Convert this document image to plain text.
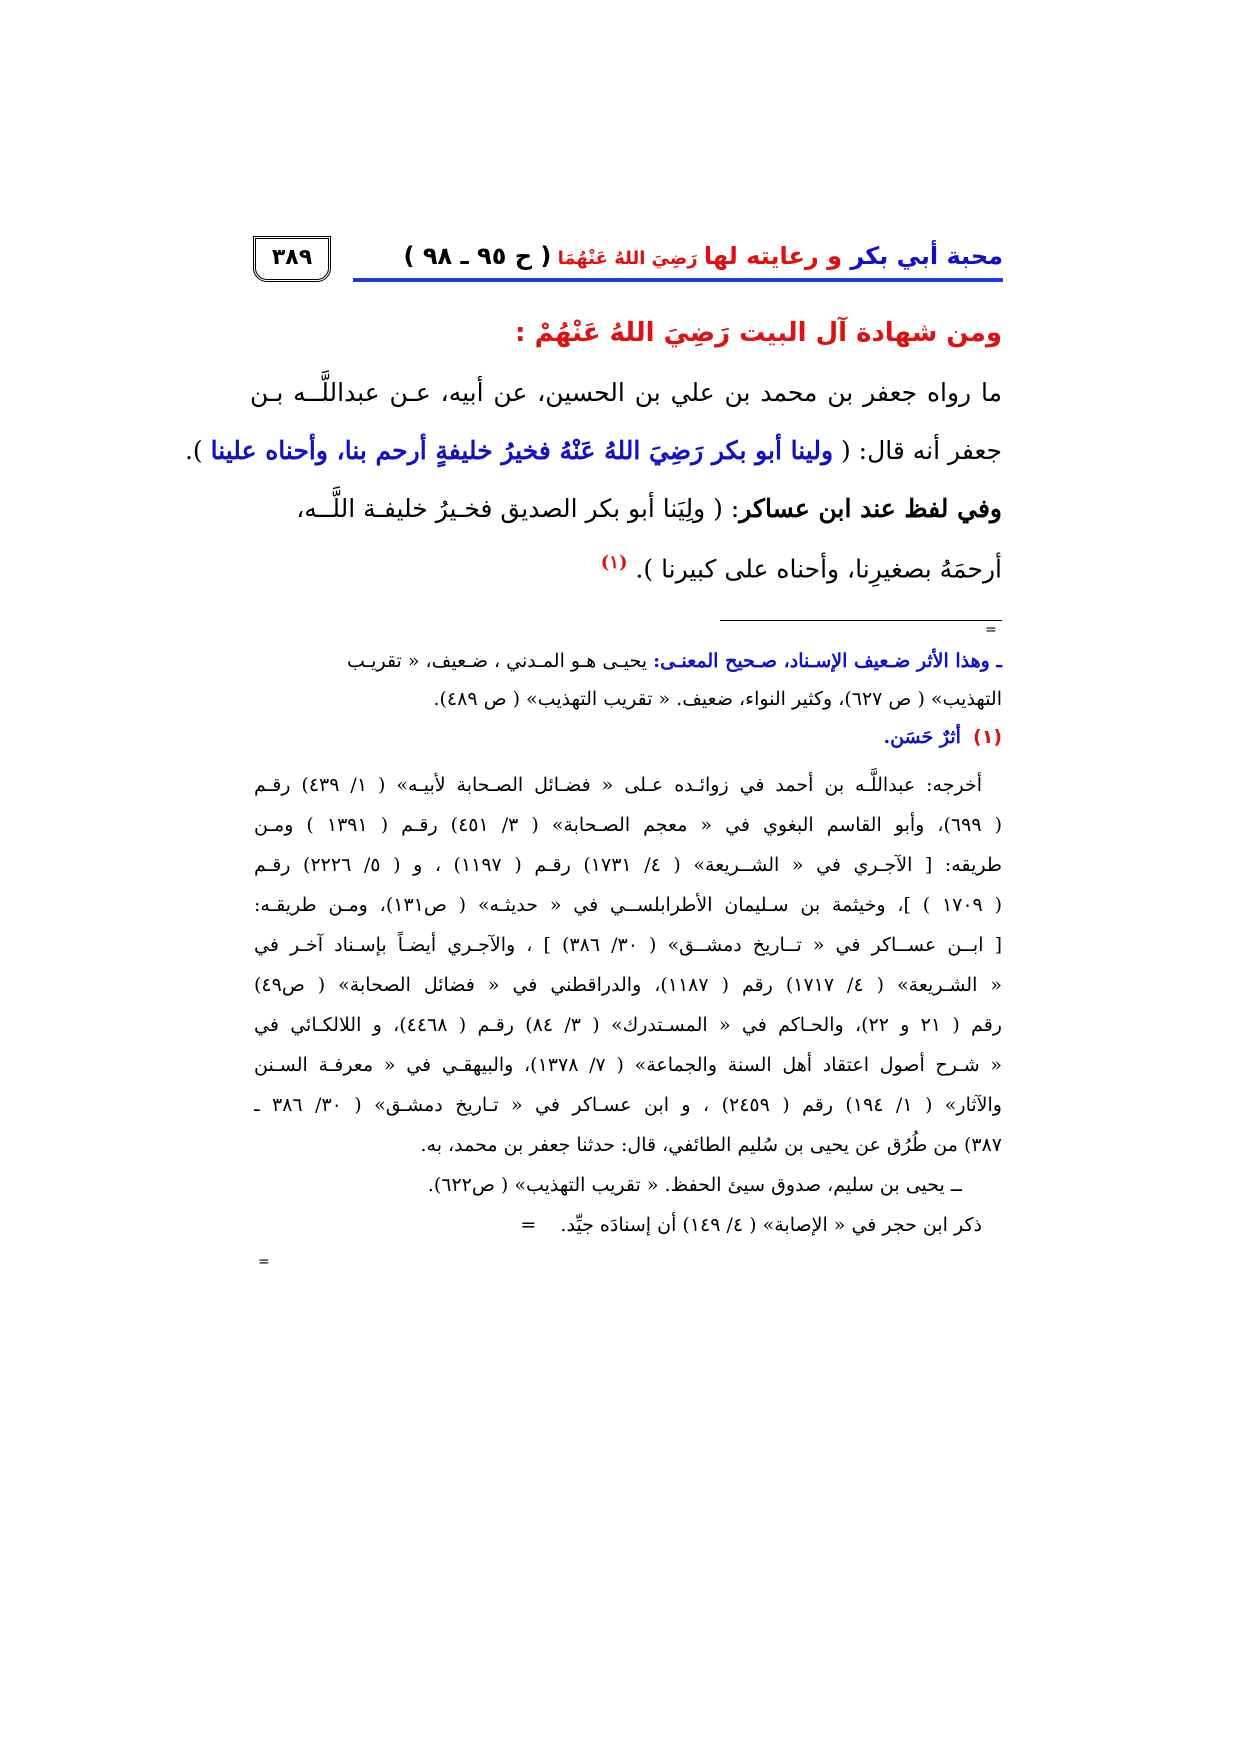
محبة أبي بكر و رعايته لها رَضِيَ اللهُ عَنْهُمَا ( ح ٩٥ ـ ٩٨ )
٣٨٩
ومن شهادة آل البيت رَضِيَ اللهُ عَنْهُمْ :
ما رواه جعفر بن محمد بن علي بن الحسين، عن أبيه، عـن عبداللَّــه بـن
جعفر أنه قال: ( ولينا أبو بكر رَضِيَ اللهُ عَنْهُ فخيرُ خليفةٍ أرحم بنا، وأحناه علينا ).
وفي لفظ عند ابن عساكر: ( ولِيَنا أبو بكر الصديق فخـيرُ خليفـة اللَّــه،
أرحمَهُ بصغيرِنا، وأحناه على كبيرنا ). $^{(١)}$
=
ـ وهذا الأثر ضـعيف الإسـناد، صـحيح المعنـى: يحيـى هـو المـدني ، ضـعيف، « تقريـب
التهذيب» ( ص ٦٢٧)، وكثير النواء، ضعيف. « تقريب التهذيب» ( ص ٤٨٩).
(١)  أثرٌ حَسَن.
أخرجه: عبداللَّـه بن أحمد في زوائـده عـلى « فضـائل الصـحابة لأبيـه» ( ١/ ٤٣٩) رقـم
( ٦٩٩)، وأبو القاسم البغوي في « معجم الصـحابة» ( ٣/ ٤٥١) رقـم ( ١٣٩١ ) ومـن
طريقه: [ الآجـري في « الشــريعة» ( ٤/ ١٧٣١) رقـم ( ١١٩٧) ، و ( ٥/ ٢٢٢٦) رقـم
( ١٧٠٩ ) ]، وخيثمة بن سـليمان الأطرابلســي في « حديثـه» ( ص١٣١)، ومـن طريقـه:
[ ابــن عســاكر في « تــاريخ دمشــق» ( ٣٠/ ٣٨٦) ] ، والآجـري أيضـاً بإسـناد آخـر في
« الشـريعة» ( ٤/ ١٧١٧) رقم ( ١١٨٧)، والدراقطني في « فضائل الصحابة» ( ص٤٩)
رقم ( ٢١ و ٢٢)، والحـاكم في « المسـتدرك» ( ٣/ ٨٤) رقـم ( ٤٤٦٨)، و اللالكـائي في
« شـرح أصول اعتقاد أهل السنة والجماعة» ( ٧/ ١٣٧٨)، والبيهقـي في « معرفـة السـنن
والآثار» ( ١/ ١٩٤) رقم ( ٢٤٥٩) ، و ابن عسـاكر في « تـاريخ دمشـق» ( ٣٠/ ٣٨٦ ـ
٣٨٧) من طُرُق عن يحيى بن سُليم الطائفي، قال: حدثنا جعفر بن محمد، به.
ــ يحيى بن سليم، صدوق سيئ الحفظ. « تقريب التهذيب» ( ص٦٢٢).
ذكر ابن حجر في « الإصابة» ( ٤/ ١٤٩) أن إسنادَه جيِّد.    =
=
